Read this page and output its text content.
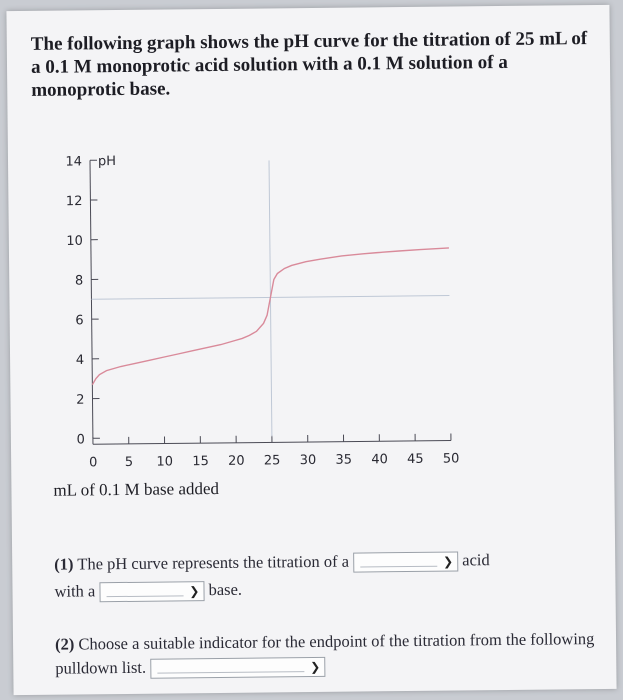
The following graph shows the pH curve for the titration of 25 mL of a 0.1 M monoprotic acid solution with a 0.1 M solution of a monoprotic base.

0
2
4
6
8
10
12
14 pH
0 5 10 15 20 25 30 35 40 45 50
mL of 0.1 M base added
(1) The pH curve represents the titration of a	❯ acid
with a	❯ base.
(2) Choose a suitable indicator for the endpoint of the titration from the following pulldown list.	❯
